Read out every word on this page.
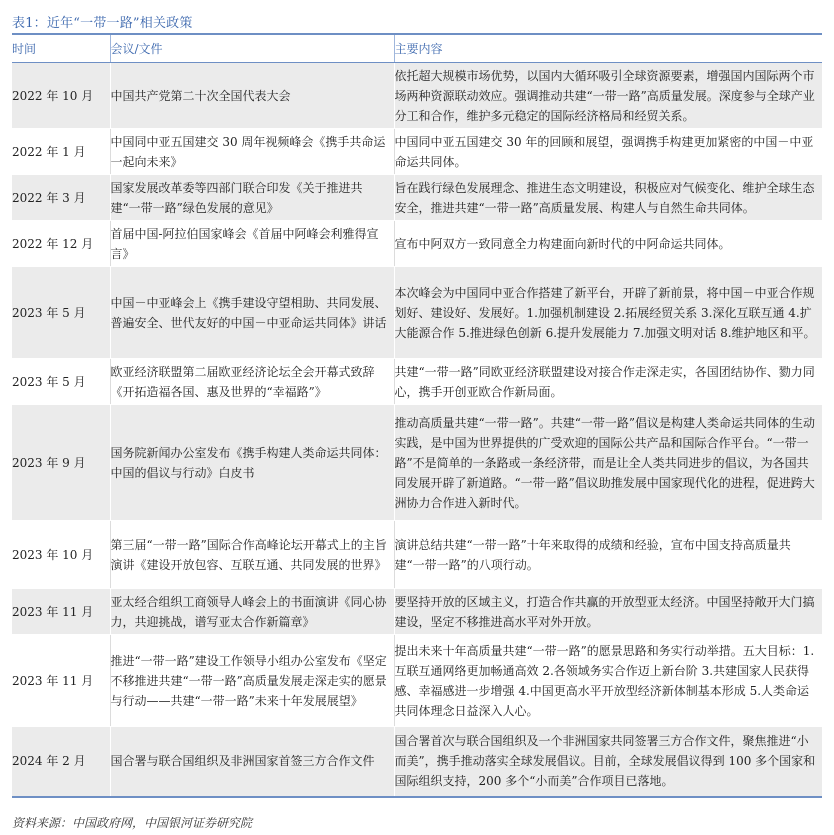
表1：近年“一带一路”相关政策
时间	会议/文件	主要内容
2022 年 10 月	中国共产党第二十次全国代表大会	依托超大规模市场优势，以国内大循环吸引全球资源要素，增强国内国际两个市场两种资源联动效应。强调推动共建“一带一路”高质量发展。深度参与全球产业分工和合作，维护多元稳定的国际经济格局和经贸关系。
2022 年 1 月	中国同中亚五国建交 30 周年视频峰会《携手共命运一起向未来》	中国同中亚五国建交 30 年的回顾和展望，强调携手构建更加紧密的中国－中亚命运共同体。
2022 年 3 月	国家发展改革委等四部门联合印发《关于推进共建“一带一路”绿色发展的意见》	旨在践行绿色发展理念、推进生态文明建设，积极应对气候变化、维护全球生态安全，推进共建“一带一路”高质量发展、构建人与自然生命共同体。
2022 年 12 月	首届中国-阿拉伯国家峰会《首届中阿峰会利雅得宣言》	宣布中阿双方一致同意全力构建面向新时代的中阿命运共同体。
2023 年 5 月	中国－中亚峰会上《携手建设守望相助、共同发展、普遍安全、世代友好的中国－中亚命运共同体》讲话	本次峰会为中国同中亚合作搭建了新平台，开辟了新前景，将中国－中亚合作规划好、建设好、发展好。1.加强机制建设 2.拓展经贸关系 3.深化互联互通 4.扩大能源合作 5.推进绿色创新 6.提升发展能力 7.加强文明对话 8.维护地区和平。
2023 年 5 月	欧亚经济联盟第二届欧亚经济论坛全会开幕式致辞《开拓造福各国、惠及世界的“幸福路”》	共建“一带一路”同欧亚经济联盟建设对接合作走深走实，各国团结协作、勠力同心，携手开创亚欧合作新局面。
2023 年 9 月	国务院新闻办公室发布《携手构建人类命运共同体：中国的倡议与行动》白皮书	推动高质量共建“一带一路”。共建“一带一路”倡议是构建人类命运共同体的生动实践，是中国为世界提供的广受欢迎的国际公共产品和国际合作平台。“一带一路”不是简单的一条路或一条经济带，而是让全人类共同进步的倡议，为各国共同发展开辟了新道路。“一带一路”倡议助推发展中国家现代化的进程，促进跨大洲协力合作进入新时代。
2023 年 10 月	第三届“一带一路”国际合作高峰论坛开幕式上的主旨演讲《建设开放包容、互联互通、共同发展的世界》	演讲总结共建“一带一路”十年来取得的成绩和经验，宣布中国支持高质量共建“一带一路”的八项行动。
2023 年 11 月	亚太经合组织工商领导人峰会上的书面演讲《同心协力，共迎挑战，谱写亚太合作新篇章》	要坚持开放的区域主义，打造合作共赢的开放型亚太经济。中国坚持敞开大门搞建设，坚定不移推进高水平对外开放。
2023 年 11 月	推进“一带一路”建设工作领导小组办公室发布《坚定不移推进共建“一带一路”高质量发展走深走实的愿景与行动——共建“一带一路”未来十年发展展望》	提出未来十年高质量共建“一带一路”的愿景思路和务实行动举措。五大目标：1.互联互通网络更加畅通高效 2.各领域务实合作迈上新台阶 3.共建国家人民获得感、幸福感进一步增强 4.中国更高水平开放型经济新体制基本形成 5.人类命运共同体理念日益深入人心。
2024 年 2 月	国合署与联合国组织及非洲国家首签三方合作文件	国合署首次与联合国组织及一个非洲国家共同签署三方合作文件，聚焦推进“小而美”，携手推动落实全球发展倡议。目前，全球发展倡议得到 100 多个国家和国际组织支持，200 多个“小而美”合作项目已落地。
资料来源：中国政府网，中国银河证券研究院
